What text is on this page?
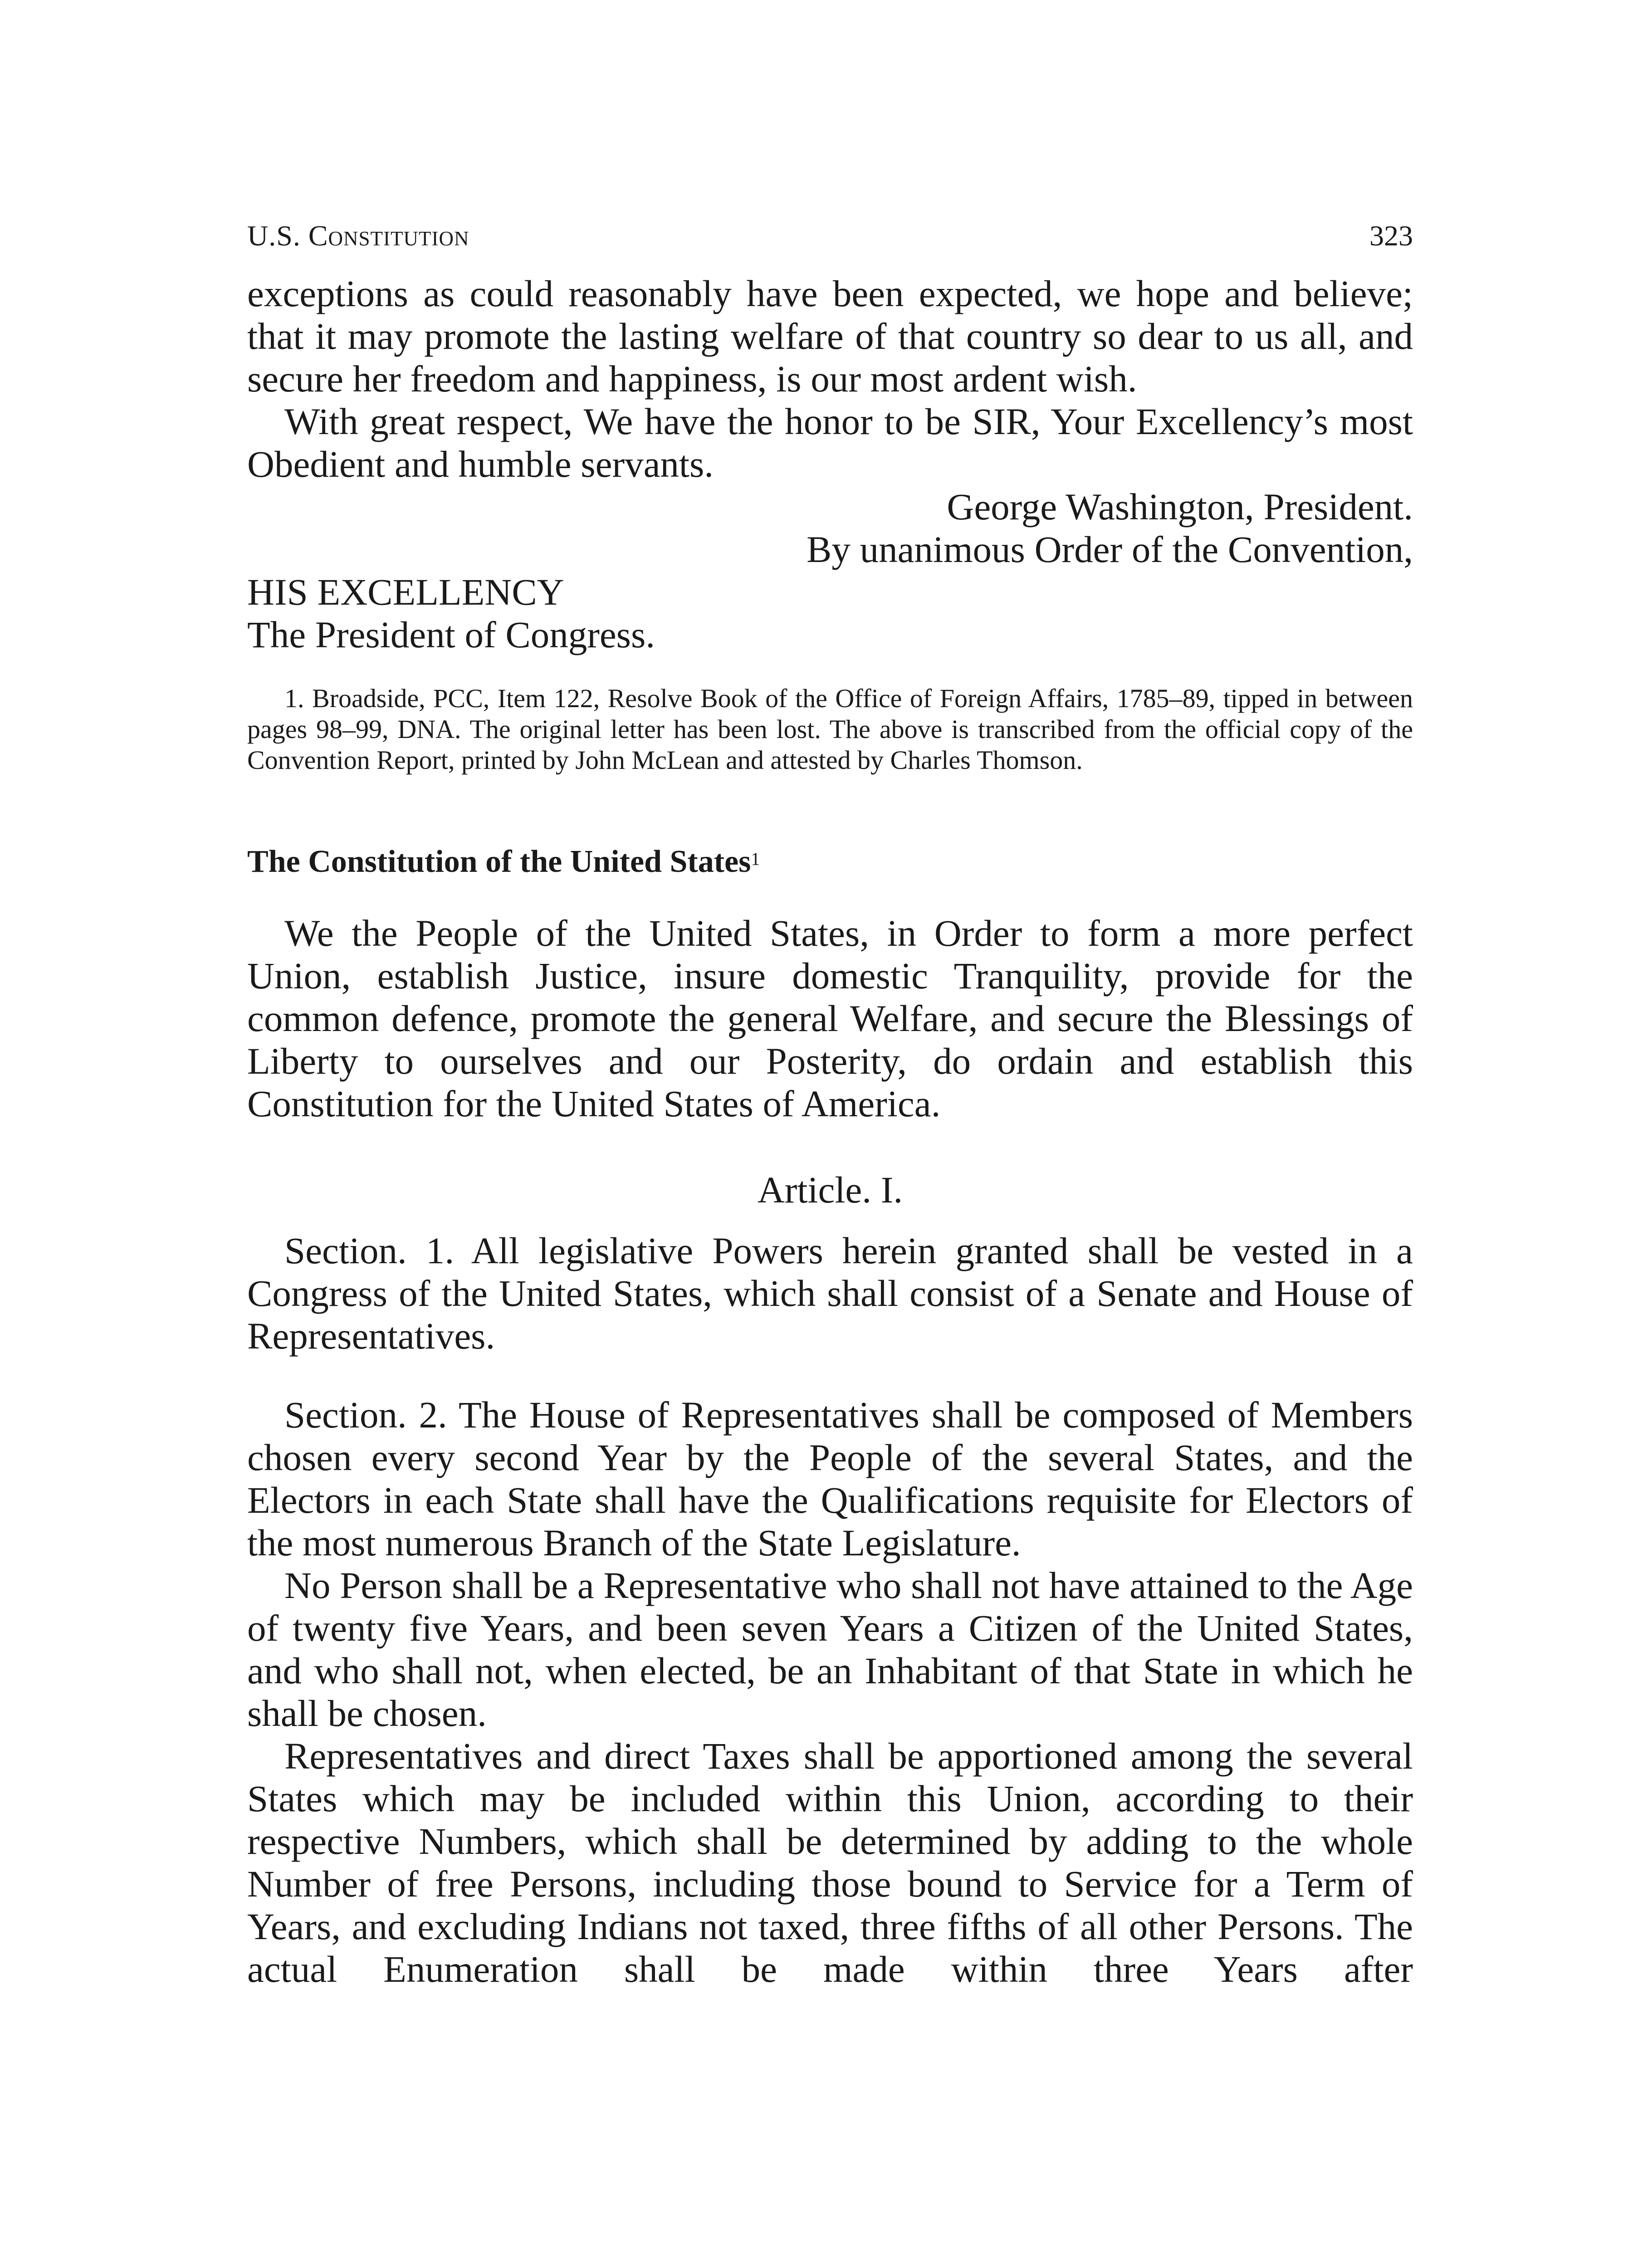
U.S. Constitution	323

exceptions as could reasonably have been expected, we hope and believe; that it may promote the lasting welfare of that country so dear to us all, and secure her freedom and happiness, is our most ardent wish.

With great respect, We have the honor to be SIR, Your Excellency’s most Obedient and humble servants.

George Washington, President.

By unanimous Order of the Convention,

HIS EXCELLENCY

The President of Congress.

1. Broadside, PCC, Item 122, Resolve Book of the Office of Foreign Affairs, 1785–89, tipped in between pages 98–99, DNA. The original letter has been lost. The above is transcribed from the official copy of the Convention Report, printed by John McLean and attested by Charles Thomson.
The Constitution of the United States$^1$

We the People of the United States, in Order to form a more perfect Union, establish Justice, insure domestic Tranquility, provide for the common defence, promote the general Welfare, and secure the Blessings of Liberty to ourselves and our Posterity, do ordain and establish this Constitution for the United States of America.

Article. I.

Section. 1. All legislative Powers herein granted shall be vested in a Congress of the United States, which shall consist of a Senate and House of Representatives.

Section. 2. The House of Representatives shall be composed of Members chosen every second Year by the People of the several States, and the Electors in each State shall have the Qualifications requisite for Electors of the most numerous Branch of the State Legislature.

No Person shall be a Representative who shall not have attained to the Age of twenty five Years, and been seven Years a Citizen of the United States, and who shall not, when elected, be an Inhabitant of that State in which he shall be chosen.

Representatives and direct Taxes shall be apportioned among the several States which may be included within this Union, according to their respective Numbers, which shall be determined by adding to the whole Number of free Persons, including those bound to Service for a Term of Years, and excluding Indians not taxed, three fifths of all other Persons. The actual Enumeration shall be made within three Years after
